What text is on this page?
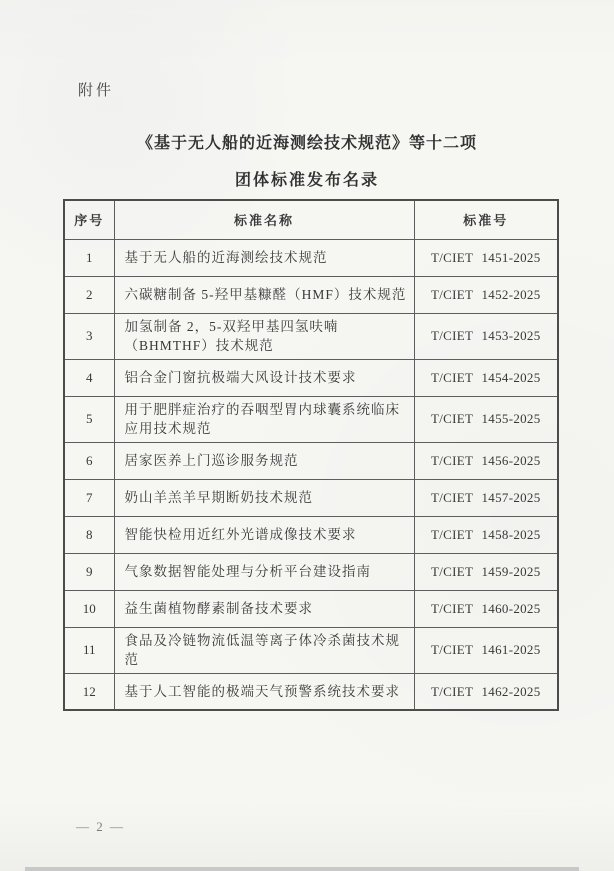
附件
《基于无人船的近海测绘技术规范》等十二项
团体标准发布名录
序号	标准名称	标准号
1	基于无人船的近海测绘技术规范	T/CIET 1451-2025
2	六碳糖制备 5-羟甲基糠醛（HMF）技术规范	T/CIET 1452-2025
3	加氢制备 2，5-双羟甲基四氢呋喃（BHMTHF）技术规范	T/CIET 1453-2025
4	铝合金门窗抗极端大风设计技术要求	T/CIET 1454-2025
5	用于肥胖症治疗的吞咽型胃内球囊系统临床应用技术规范	T/CIET 1455-2025
6	居家医养上门巡诊服务规范	T/CIET 1456-2025
7	奶山羊羔羊早期断奶技术规范	T/CIET 1457-2025
8	智能快检用近红外光谱成像技术要求	T/CIET 1458-2025
9	气象数据智能处理与分析平台建设指南	T/CIET 1459-2025
10	益生菌植物酵素制备技术要求	T/CIET 1460-2025
11	食品及冷链物流低温等离子体冷杀菌技术规范	T/CIET 1461-2025
12	基于人工智能的极端天气预警系统技术要求	T/CIET 1462-2025
— 2 —
